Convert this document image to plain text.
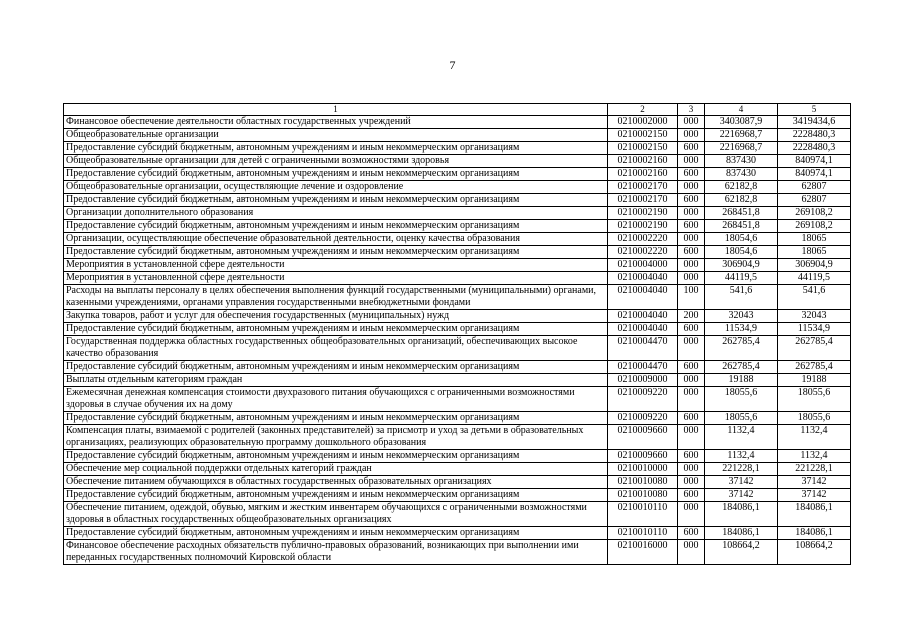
7
1	2	3	4	5
Финансовое обеспечение деятельности областных государственных учреждений	0210002000	000	3403087,9	3419434,6
Общеобразовательные организации	0210002150	000	2216968,7	2228480,3
Предоставление субсидий бюджетным, автономным учреждениям и иным некоммерческим организациям	0210002150	600	2216968,7	2228480,3
Общеобразовательные организации для детей с ограниченными возможностями здоровья	0210002160	000	837430	840974,1
Предоставление субсидий бюджетным, автономным учреждениям и иным некоммерческим организациям	0210002160	600	837430	840974,1
Общеобразовательные организации, осуществляющие лечение и оздоровление	0210002170	000	62182,8	62807
Предоставление субсидий бюджетным, автономным учреждениям и иным некоммерческим организациям	0210002170	600	62182,8	62807
Организации дополнительного образования	0210002190	000	268451,8	269108,2
Предоставление субсидий бюджетным, автономным учреждениям и иным некоммерческим организациям	0210002190	600	268451,8	269108,2
Организации, осуществляющие обеспечение образовательной деятельности, оценку качества образования	0210002220	000	18054,6	18065
Предоставление субсидий бюджетным, автономным учреждениям и иным некоммерческим организациям	0210002220	600	18054,6	18065
Мероприятия в установленной сфере деятельности	0210004000	000	306904,9	306904,9
Мероприятия в установленной сфере деятельности	0210004040	000	44119,5	44119,5
Расходы на выплаты персоналу в целях обеспечения выполнения функций государственными (муниципальными) органами, казенными учреждениями, органами управления государственными внебюджетными фондами	0210004040	100	541,6	541,6
Закупка товаров, работ и услуг для обеспечения государственных (муниципальных) нужд	0210004040	200	32043	32043
Предоставление субсидий бюджетным, автономным учреждениям и иным некоммерческим организациям	0210004040	600	11534,9	11534,9
Государственная поддержка областных государственных общеобразовательных организаций, обеспечивающих высокое качество образования	0210004470	000	262785,4	262785,4
Предоставление субсидий бюджетным, автономным учреждениям и иным некоммерческим организациям	0210004470	600	262785,4	262785,4
Выплаты отдельным категориям граждан	0210009000	000	19188	19188
Ежемесячная денежная компенсация стоимости двухразового питания обучающихся с ограниченными возможностями здоровья в случае обучения их на дому	0210009220	000	18055,6	18055,6
Предоставление субсидий бюджетным, автономным учреждениям и иным некоммерческим организациям	0210009220	600	18055,6	18055,6
Компенсация платы, взимаемой с родителей (законных представителей) за присмотр и уход за детьми в образовательных организациях, реализующих образовательную программу дошкольного образования	0210009660	000	1132,4	1132,4
Предоставление субсидий бюджетным, автономным учреждениям и иным некоммерческим организациям	0210009660	600	1132,4	1132,4
Обеспечение мер социальной поддержки отдельных категорий граждан	0210010000	000	221228,1	221228,1
Обеспечение питанием обучающихся в областных государственных образовательных организациях	0210010080	000	37142	37142
Предоставление субсидий бюджетным, автономным учреждениям и иным некоммерческим организациям	0210010080	600	37142	37142
Обеспечение питанием, одеждой, обувью, мягким и жестким инвентарем обучающихся с ограниченными возможностями здоровья в областных государственных общеобразовательных организациях	0210010110	000	184086,1	184086,1
Предоставление субсидий бюджетным, автономным учреждениям и иным некоммерческим организациям	0210010110	600	184086,1	184086,1
Финансовое обеспечение расходных обязательств публично-правовых образований, возникающих при выполнении ими переданных государственных полномочий Кировской области	0210016000	000	108664,2	108664,2
